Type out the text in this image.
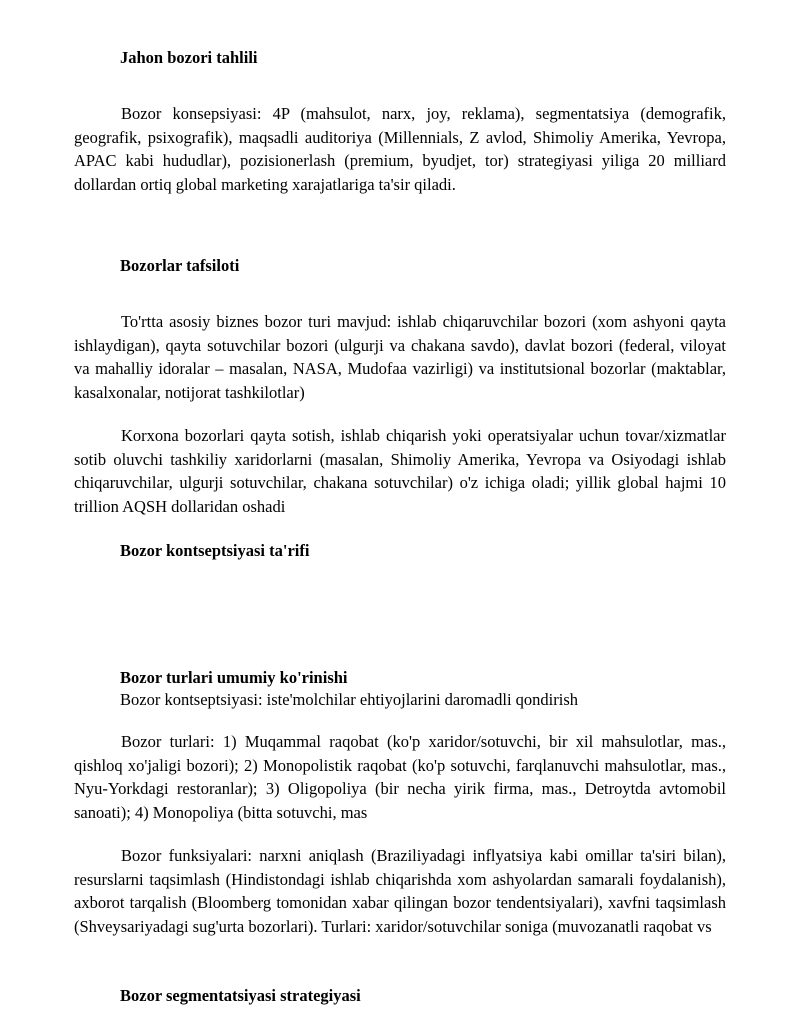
Jahon bozori tahlili

Bozor konsepsiyasi: 4P (mahsulot, narx, joy, reklama), segmentatsiya (demografik, geografik, psixografik), maqsadli auditoriya (Millennials, Z avlod, Shimoliy Amerika, Yevropa, APAC kabi hududlar), pozisionerlash (premium, byudjet, tor) strategiyasi yiliga 20 milliard dollardan ortiq global marketing xarajatlariga ta'sir qiladi.

Bozorlar tafsiloti

To'rtta asosiy biznes bozor turi mavjud: ishlab chiqaruvchilar bozori (xom ashyoni qayta ishlaydigan), qayta sotuvchilar bozori (ulgurji va chakana savdo), davlat bozori (federal, viloyat va mahalliy idoralar – masalan, NASA, Mudofaa vazirligi) va institutsional bozorlar (maktablar, kasalxonalar, notijorat tashkilotlar)

Korxona bozorlari qayta sotish, ishlab chiqarish yoki operatsiyalar uchun tovar/xizmatlar sotib oluvchi tashkiliy xaridorlarni (masalan, Shimoliy Amerika, Yevropa va Osiyodagi ishlab chiqaruvchilar, ulgurji sotuvchilar, chakana sotuvchilar) o'z ichiga oladi; yillik global hajmi 10 trillion AQSH dollaridan oshadi

Bozor kontseptsiyasi ta'rifi
Bozor turlari umumiy ko'rinishi

Bozor kontseptsiyasi: iste'molchilar ehtiyojlarini daromadli qondirish

Bozor turlari: 1) Muqammal raqobat (ko'p xaridor/sotuvchi, bir xil mahsulotlar, mas., qishloq xo'jaligi bozori); 2) Monopolistik raqobat (ko'p sotuvchi, farqlanuvchi mahsulotlar, mas., Nyu-Yorkdagi restoranlar); 3) Oligopoliya (bir necha yirik firma, mas., Detroytda avtomobil sanoati); 4) Monopoliya (bitta sotuvchi, mas

Bozor funksiyalari: narxni aniqlash (Braziliyadagi inflyatsiya kabi omillar ta'siri bilan), resurslarni taqsimlash (Hindistondagi ishlab chiqarishda xom ashyolardan samarali foydalanish), axborot tarqalish (Bloomberg tomonidan xabar qilingan bozor tendentsiyalari), xavfni taqsimlash (Shveysariyadagi sug'urta bozorlari). Turlari: xaridor/sotuvchilar soniga (muvozanatli raqobat vs

Bozor segmentatsiyasi strategiyasi
